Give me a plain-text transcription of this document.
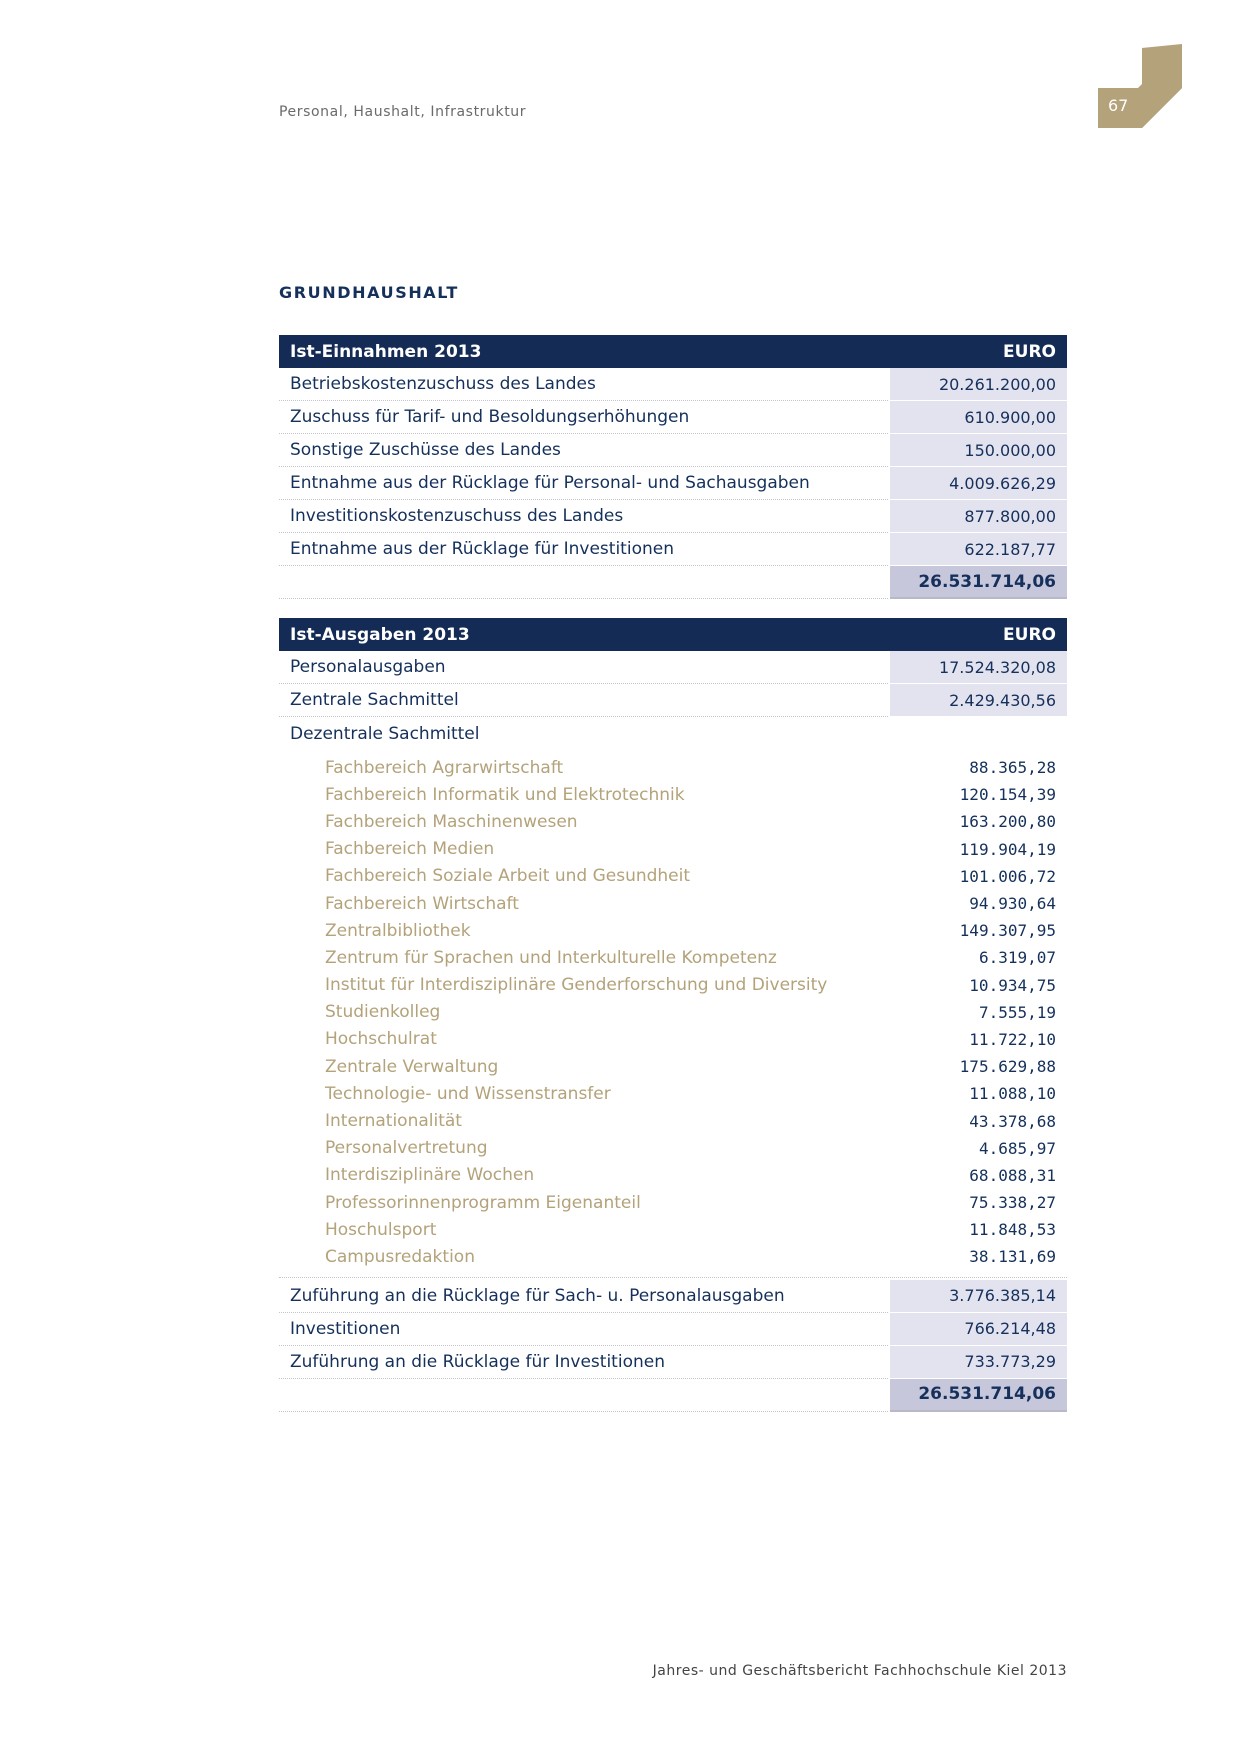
Personal, Haushalt, Infrastruktur	67
GRUNDHAUSHALT
Ist-Einnahmen 2013	EURO
Betriebskostenzuschuss des Landes	20.261.200,00
Zuschuss für Tarif- und Besoldungserhöhungen	610.900,00
Sonstige Zuschüsse des Landes	150.000,00
Entnahme aus der Rücklage für Personal- und Sachausgaben	4.009.626,29
Investitionskostenzuschuss des Landes	877.800,00
Entnahme aus der Rücklage für Investitionen	622.187,77
26.531.714,06
Ist-Ausgaben 2013	EURO
Personalausgaben	17.524.320,08
Zentrale Sachmittel	2.429.430,56
Dezentrale Sachmittel
Fachbereich Agrarwirtschaft	88.365,28
Fachbereich Informatik und Elektrotechnik	120.154,39
Fachbereich Maschinenwesen	163.200,80
Fachbereich Medien	119.904,19
Fachbereich Soziale Arbeit und Gesundheit	101.006,72
Fachbereich Wirtschaft	94.930,64
Zentralbibliothek	149.307,95
Zentrum für Sprachen und Interkulturelle Kompetenz	6.319,07
Institut für Interdisziplinäre Genderforschung und Diversity	10.934,75
Studienkolleg	7.555,19
Hochschulrat	11.722,10
Zentrale Verwaltung	175.629,88
Technologie- und Wissenstransfer	11.088,10
Internationalität	43.378,68
Personalvertretung	4.685,97
Interdisziplinäre Wochen	68.088,31
Professorinnenprogramm Eigenanteil	75.338,27
Hoschulsport	11.848,53
Campusredaktion	38.131,69
Zuführung an die Rücklage für Sach- u. Personalausgaben	3.776.385,14
Investitionen	766.214,48
Zuführung an die Rücklage für Investitionen	733.773,29
26.531.714,06
Jahres- und Geschäftsbericht Fachhochschule Kiel 2013
